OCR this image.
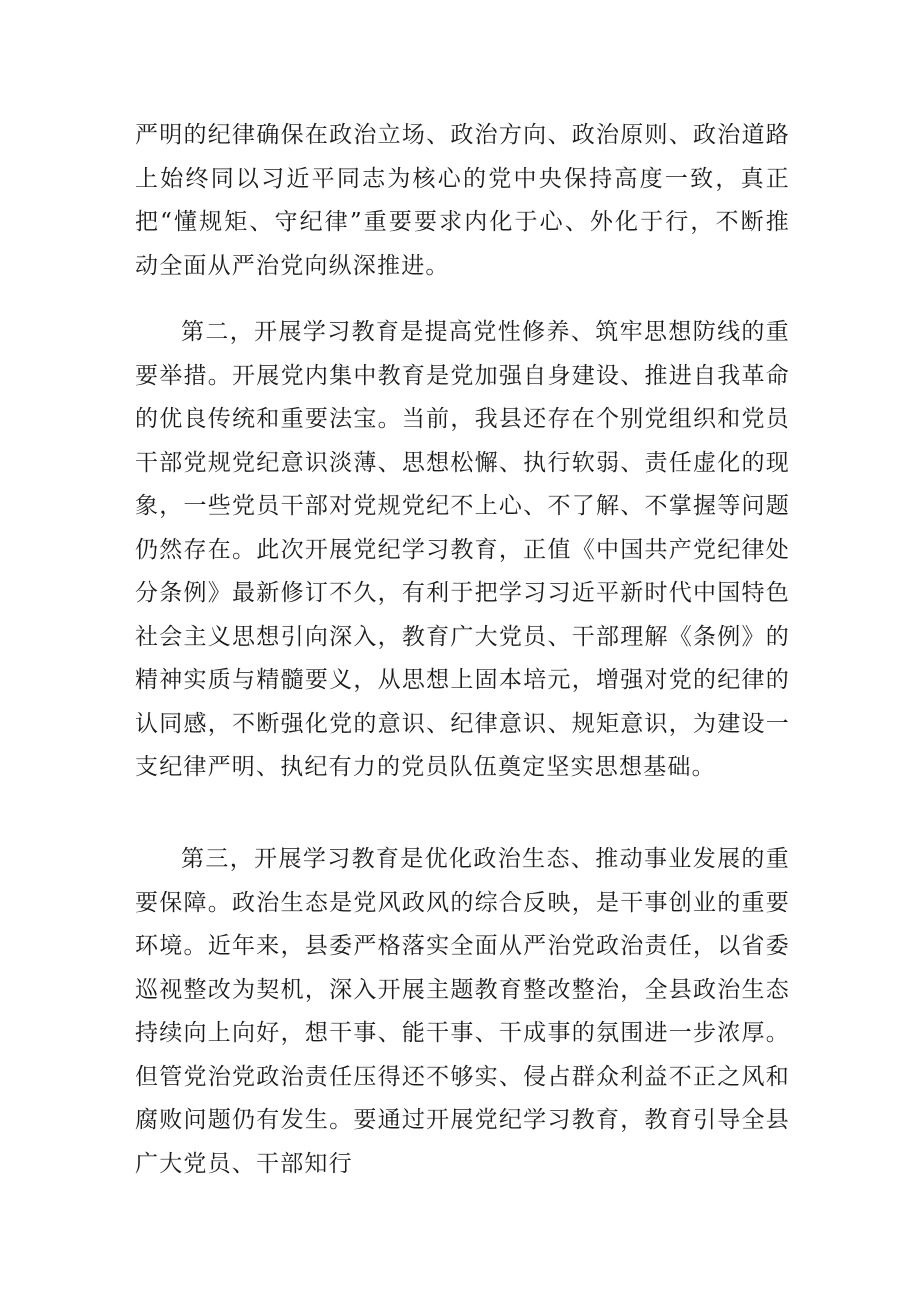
严明的纪律确保在政治立场、政治方向、政治原则、政治道路上始终同以习近平同志为核心的党中央保持高度一致，真正把“懂规矩、守纪律”重要要求内化于心、外化于行，不断推动全面从严治党向纵深推进。

第二，开展学习教育是提高党性修养、筑牢思想防线的重要举措。开展党内集中教育是党加强自身建设、推进自我革命的优良传统和重要法宝。当前，我县还存在个别党组织和党员干部党规党纪意识淡薄、思想松懈、执行软弱、责任虚化的现象，一些党员干部对党规党纪不上心、不了解、不掌握等问题仍然存在。此次开展党纪学习教育，正值《中国共产党纪律处分条例》最新修订不久，有利于把学习习近平新时代中国特色社会主义思想引向深入，教育广大党员、干部理解《条例》的精神实质与精髓要义，从思想上固本培元，增强对党的纪律的认同感，不断强化党的意识、纪律意识、规矩意识，为建设一支纪律严明、执纪有力的党员队伍奠定坚实思想基础。

第三，开展学习教育是优化政治生态、推动事业发展的重要保障。政治生态是党风政风的综合反映，是干事创业的重要环境。近年来，县委严格落实全面从严治党政治责任，以省委巡视整改为契机，深入开展主题教育整改整治，全县政治生态持续向上向好，想干事、能干事、干成事的氛围进一步浓厚。但管党治党政治责任压得还不够实、侵占群众利益不正之风和腐败问题仍有发生。要通过开展党纪学习教育，教育引导全县广大党员、干部知行
